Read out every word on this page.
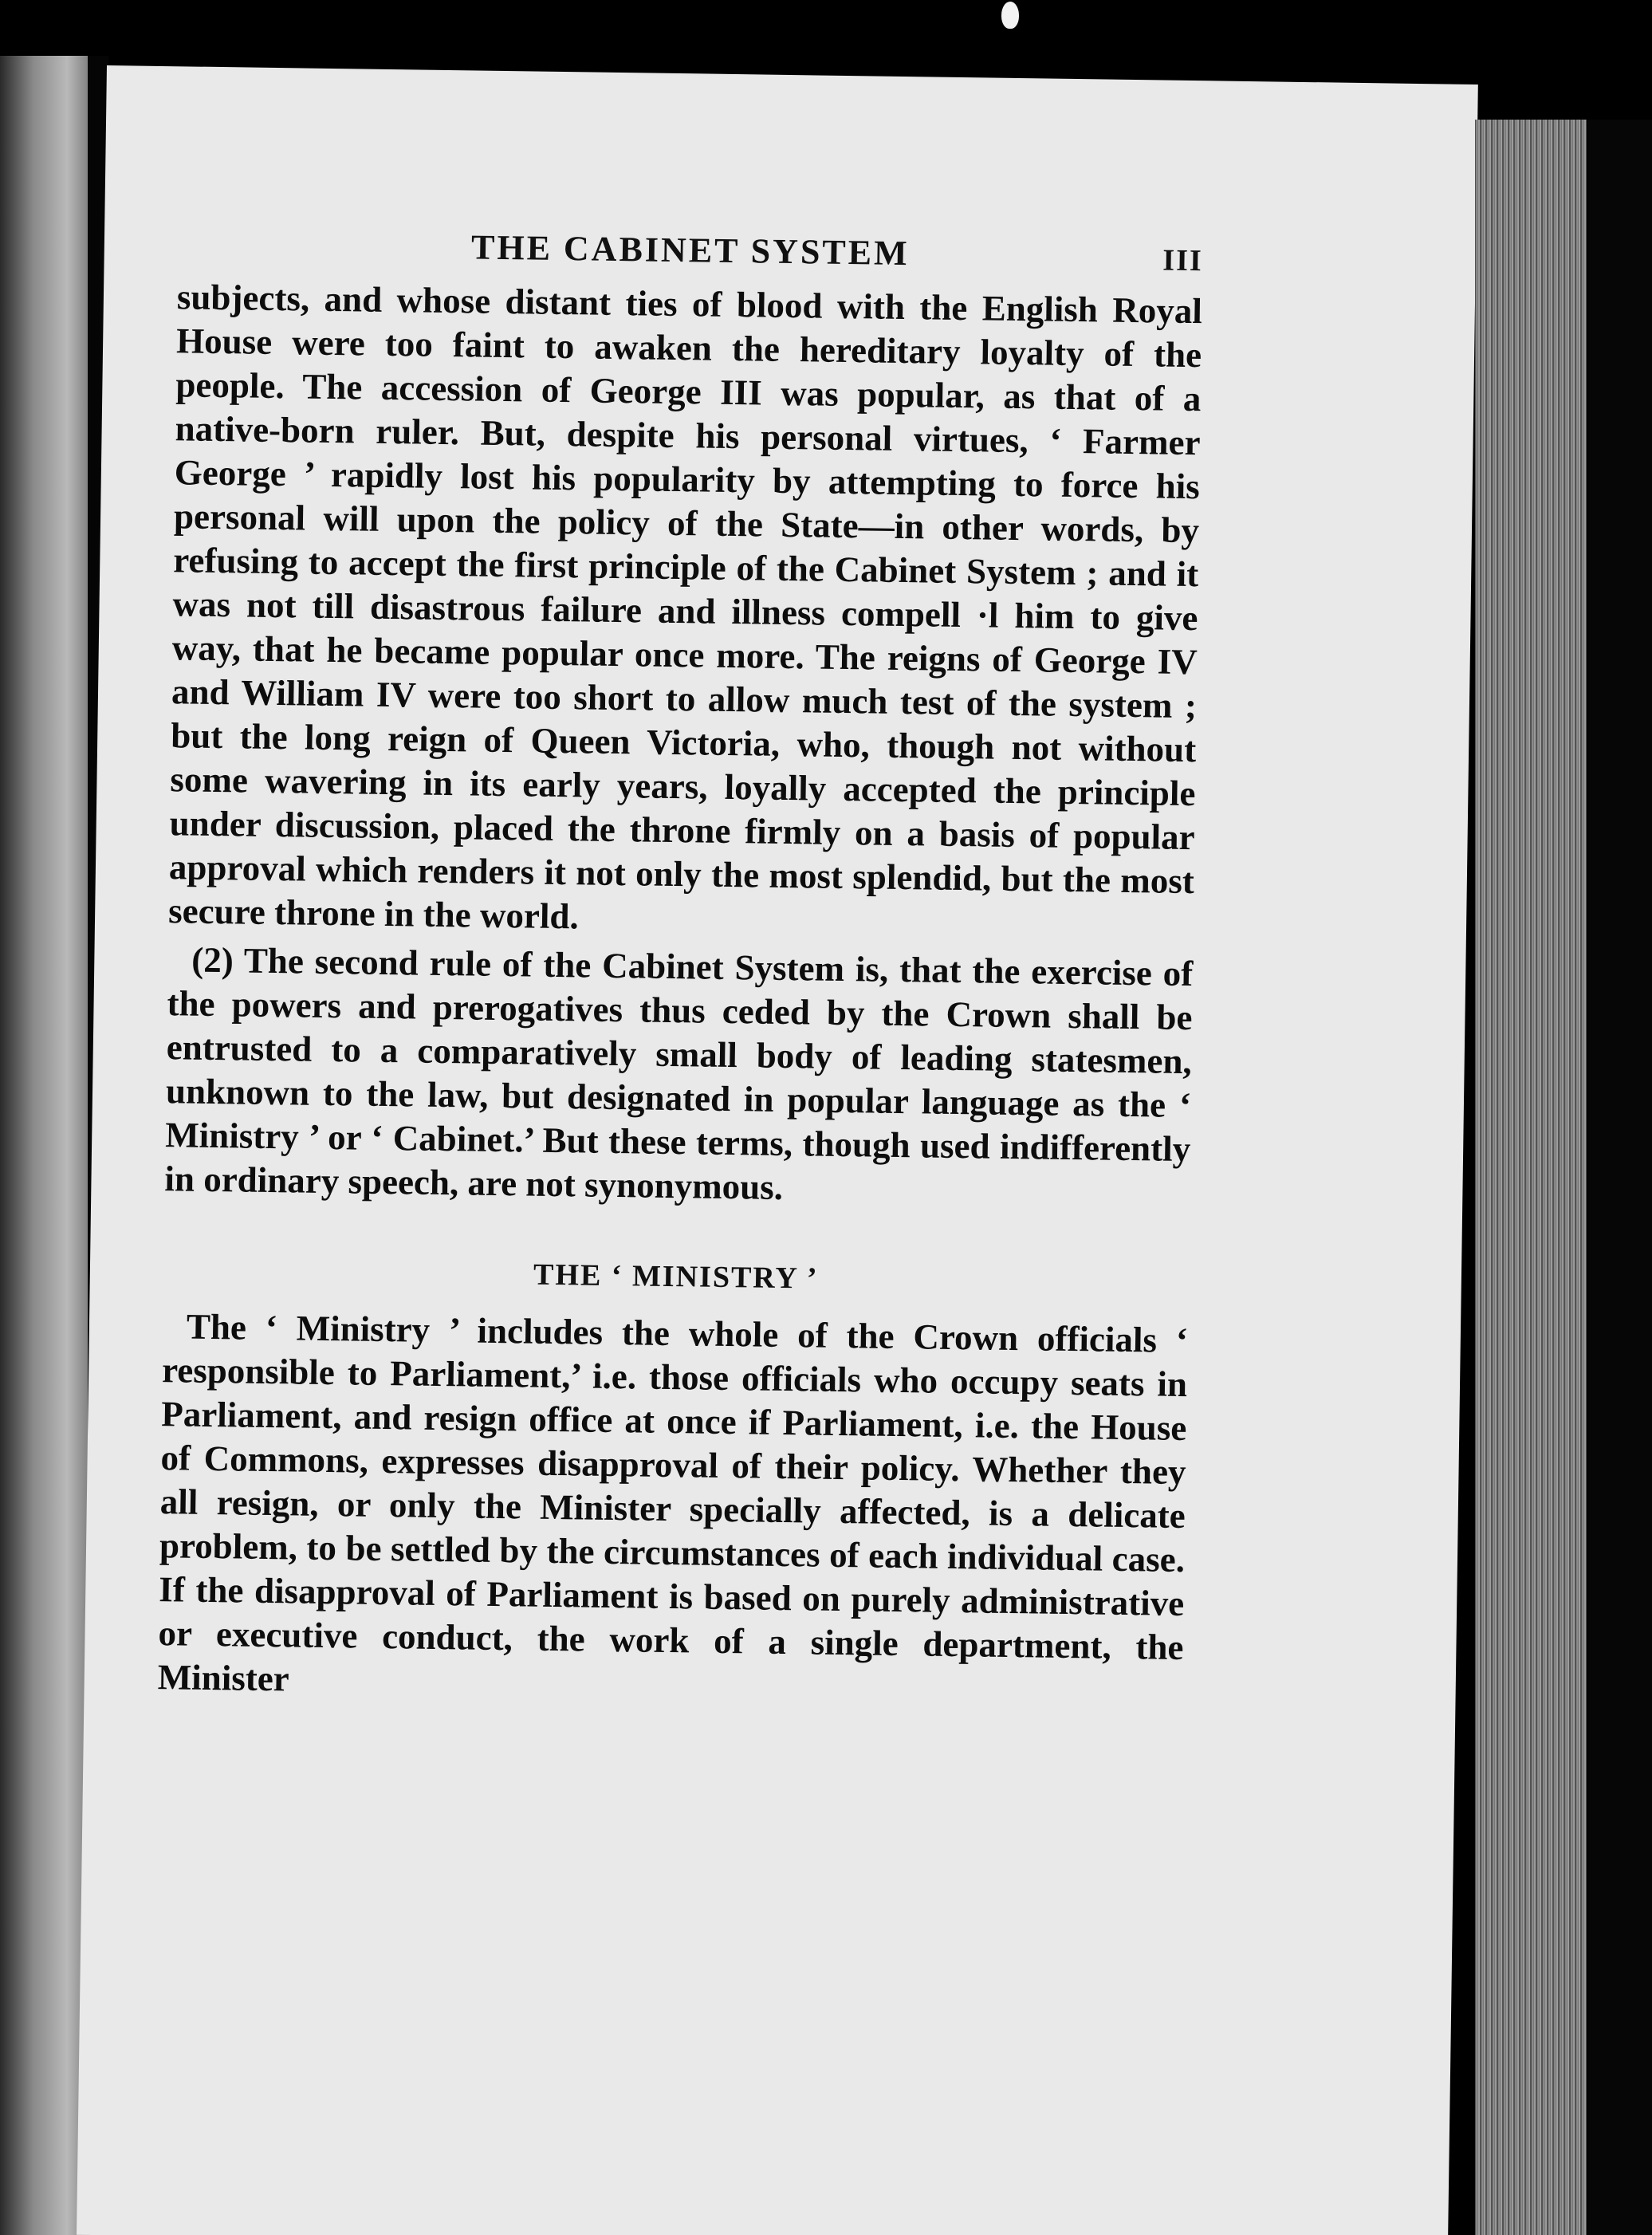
THE CABINET SYSTEM	III

subjects, and whose distant ties of blood with the English Royal House were too faint to awaken the hereditary loyalty of the people. The accession of George III was popular, as that of a native-born ruler. But, despite his personal virtues, ‘ Farmer George ’ rapidly lost his popularity by attempting to force his personal will upon the policy of the State—in other words, by refusing to accept the first principle of the Cabinet System ; and it was not till disastrous failure and illness compell ·l him to give way, that he became popular once more. The reigns of George IV and William IV were too short to allow much test of the system ; but the long reign of Queen Victoria, who, though not without some wavering in its early years, loyally accepted the principle under discussion, placed the throne firmly on a basis of popular approval which renders it not only the most splendid, but the most secure throne in the world.

(2) The second rule of the Cabinet System is, that the exercise of the powers and prerogatives thus ceded by the Crown shall be entrusted to a comparatively small body of leading statesmen, unknown to the law, but designated in popular language as the ‘ Ministry ’ or ‘ Cabinet.’ But these terms, though used indifferently in ordinary speech, are not synonymous.

THE ‘ MINISTRY ’

The ‘ Ministry ’ includes the whole of the Crown officials ‘ responsible to Parliament,’ i.e. those officials who occupy seats in Parliament, and resign office at once if Parliament, i.e. the House of Commons, expresses disapproval of their policy. Whether they all resign, or only the Minister specially affected, is a delicate problem, to be settled by the circumstances of each individual case. If the disapproval of Parliament is based on purely administrative or executive conduct, the work of a single department, the Minister
